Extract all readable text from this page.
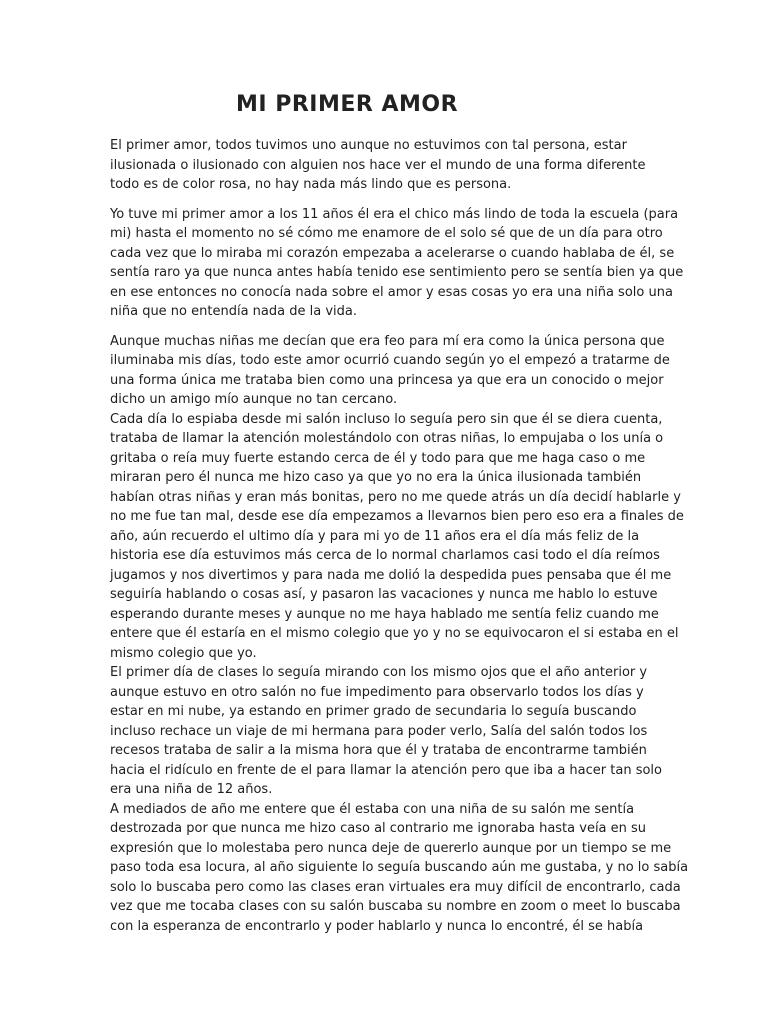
MI PRIMER AMOR

El primer amor, todos tuvimos uno aunque no estuvimos con tal persona, estar
ilusionada o ilusionado con alguien nos hace ver el mundo de una forma diferente
todo es de color rosa, no hay nada más lindo que es persona.

Yo tuve mi primer amor a los 11 años él era el chico más lindo de toda la escuela (para
mi) hasta el momento no sé cómo me enamore de el solo sé que de un día para otro
cada vez que lo miraba mi corazón empezaba a acelerarse o cuando hablaba de él, se
sentía raro ya que nunca antes había tenido ese sentimiento pero se sentía bien ya que
en ese entonces no conocía nada sobre el amor y esas cosas yo era una niña solo una
niña que no entendía nada de la vida.

Aunque muchas niñas me decían que era feo para mí era como la única persona que
iluminaba mis días, todo este amor ocurrió cuando según yo el empezó a tratarme de
una forma única me trataba bien como una princesa ya que era un conocido o mejor
dicho un amigo mío aunque no tan cercano.

Cada día lo espiaba desde mi salón incluso lo seguía pero sin que él se diera cuenta,
trataba de llamar la atención molestándolo con otras niñas, lo empujaba o los unía o
gritaba o reía muy fuerte estando cerca de él y todo para que me haga caso o me
miraran pero él nunca me hizo caso ya que yo no era la única ilusionada también
habían otras niñas y eran más bonitas, pero no me quede atrás un día decidí hablarle y
no me fue tan mal, desde ese día empezamos a llevarnos bien pero eso era a finales de
año, aún recuerdo el ultimo día y para mi yo de 11 años era el día más feliz de la
historia ese día estuvimos más cerca de lo normal charlamos casi todo el día reímos
jugamos y nos divertimos y para nada me dolió la despedida pues pensaba que él me
seguiría hablando o cosas así, y pasaron las vacaciones y nunca me hablo lo estuve
esperando durante meses y aunque no me haya hablado me sentía feliz cuando me
entere que él estaría en el mismo colegio que yo y no se equivocaron el si estaba en el
mismo colegio que yo.

El primer día de clases lo seguía mirando con los mismo ojos que el año anterior y
aunque estuvo en otro salón no fue impedimento para observarlo todos los días y
estar en mi nube, ya estando en primer grado de secundaria lo seguía buscando
incluso rechace un viaje de mi hermana para poder verlo, Salía del salón todos los
recesos trataba de salir a la misma hora que él y trataba de encontrarme también
hacia el ridículo en frente de el para llamar la atención pero que iba a hacer tan solo
era una niña de 12 años.

A mediados de año me entere que él estaba con una niña de su salón me sentía
destrozada por que nunca me hizo caso al contrario me ignoraba hasta veía en su
expresión que lo molestaba pero nunca deje de quererlo aunque por un tiempo se me
paso toda esa locura, al año siguiente lo seguía buscando aún me gustaba, y no lo sabía
solo lo buscaba pero como las clases eran virtuales era muy difícil de encontrarlo, cada
vez que me tocaba clases con su salón buscaba su nombre en zoom o meet lo buscaba
con la esperanza de encontrarlo y poder hablarlo y nunca lo encontré, él se había
